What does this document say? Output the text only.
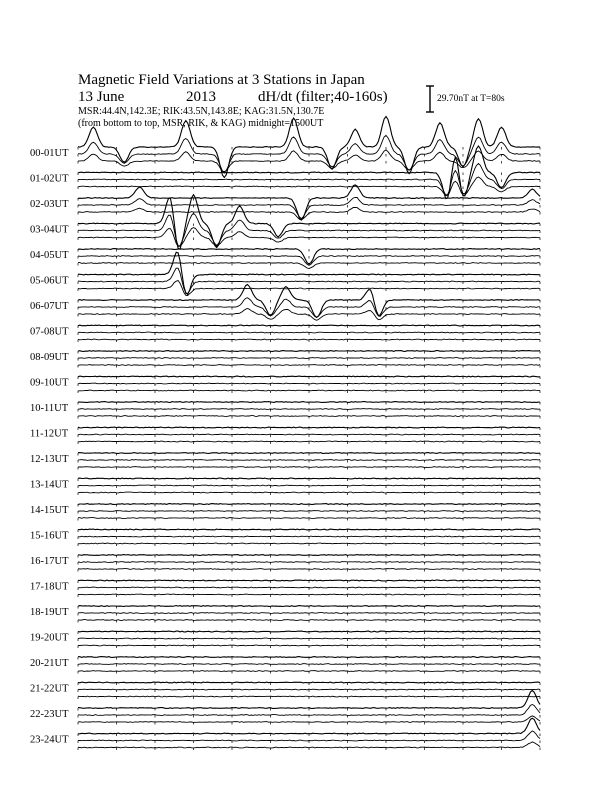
Magnetic Field Variations at 3 Stations in Japan
13 June	2013	dH/dt (filter;40-160s)
MSR:44.4N,142.3E; RIK:43.5N,143.8E; KAG:31.5N,130.7E
(from bottom to top, MSR, RIK, & KAG) midnight=1500UT
29.70nT at T=80s
00-01UT
01-02UT
02-03UT
03-04UT
04-05UT
05-06UT
06-07UT
07-08UT
08-09UT
09-10UT
10-11UT
11-12UT
12-13UT
13-14UT
14-15UT
15-16UT
16-17UT
17-18UT
18-19UT
19-20UT
20-21UT
21-22UT
22-23UT
23-24UT
